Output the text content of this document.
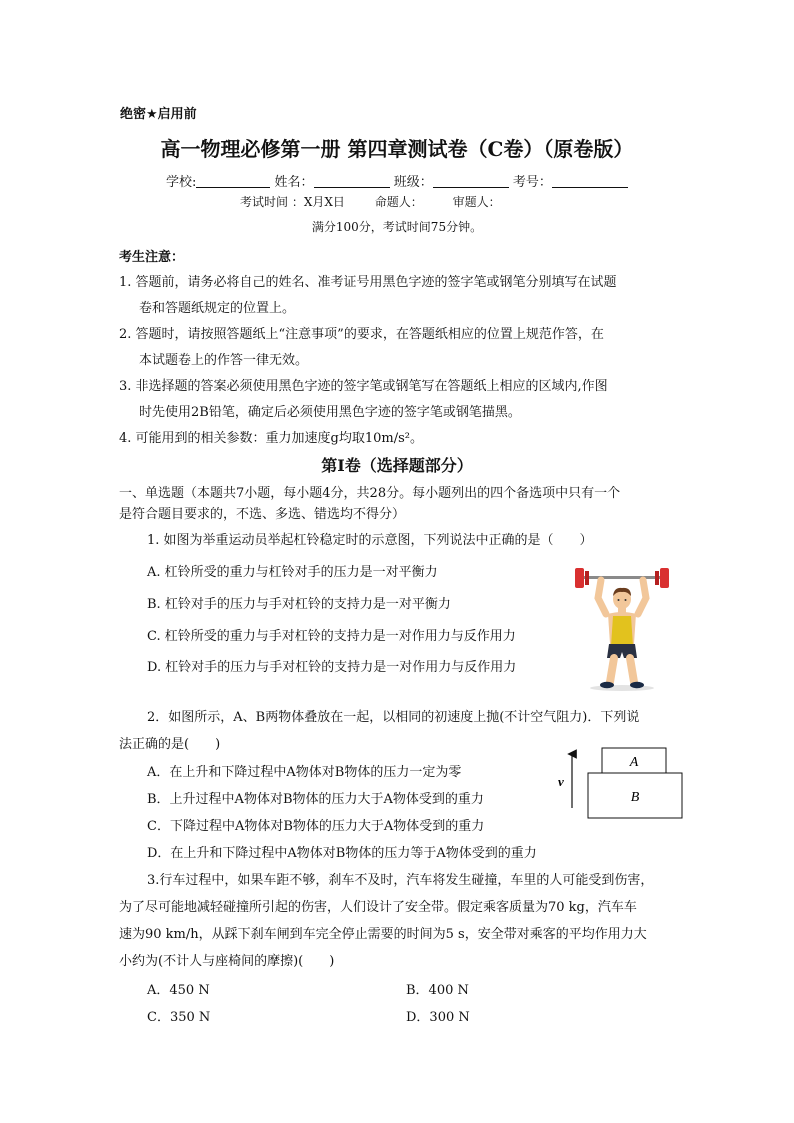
绝密★启用前
高一物理必修第一册 第四章测试卷（C卷）（原卷版）
学校:	姓名：	班级：	考号：
考试时间 ：X月X日 命题人： 审题人：
满分100分，考试时间75分钟。
考生注意：
1. 答题前，请务必将自己的姓名、准考证号用黑色字迹的签字笔或钢笔分别填写在试题
卷和答题纸规定的位置上。
2. 答题时，请按照答题纸上“注意事项”的要求，在答题纸相应的位置上规范作答，在
本试题卷上的作答一律无效。
3. 非选择题的答案必须使用黑色字迹的签字笔或钢笔写在答题纸上相应的区域内,作图
时先使用2B铅笔，确定后必须使用黑色字迹的签字笔或钢笔描黑。
4. 可能用到的相关参数：重力加速度g均取10m/s²。
第Ⅰ卷（选择题部分）
一、单选题（本题共7小题，每小题4分，共28分。每小题列出的四个备选项中只有一个
是符合题目要求的，不选、多选、错选均不得分）
1. 如图为举重运动员举起杠铃稳定时的示意图，下列说法中正确的是（　　）
A. 杠铃所受的重力与杠铃对手的压力是一对平衡力
B. 杠铃对手的压力与手对杠铃的支持力是一对平衡力
C. 杠铃所受的重力与手对杠铃的支持力是一对作用力与反作用力
D. 杠铃对手的压力与手对杠铃的支持力是一对作用力与反作用力
2．如图所示，A、B两物体叠放在一起，以相同的初速度上抛(不计空气阻力)．下列说
法正确的是(　　)
A．在上升和下降过程中A物体对B物体的压力一定为零
B．上升过程中A物体对B物体的压力大于A物体受到的重力
C．下降过程中A物体对B物体的压力大于A物体受到的重力
D．在上升和下降过程中A物体对B物体的压力等于A物体受到的重力
v
A
B
3.行车过程中，如果车距不够，刹车不及时，汽车将发生碰撞，车里的人可能受到伤害，
为了尽可能地减轻碰撞所引起的伤害，人们设计了安全带。假定乘客质量为70 kg，汽车车
速为90 km/h，从踩下刹车闸到车完全停止需要的时间为5 s，安全带对乘客的平均作用力大
小约为(不计人与座椅间的摩擦)(　　)
A．450 N	B．400 N
C．350 N	D．300 N
